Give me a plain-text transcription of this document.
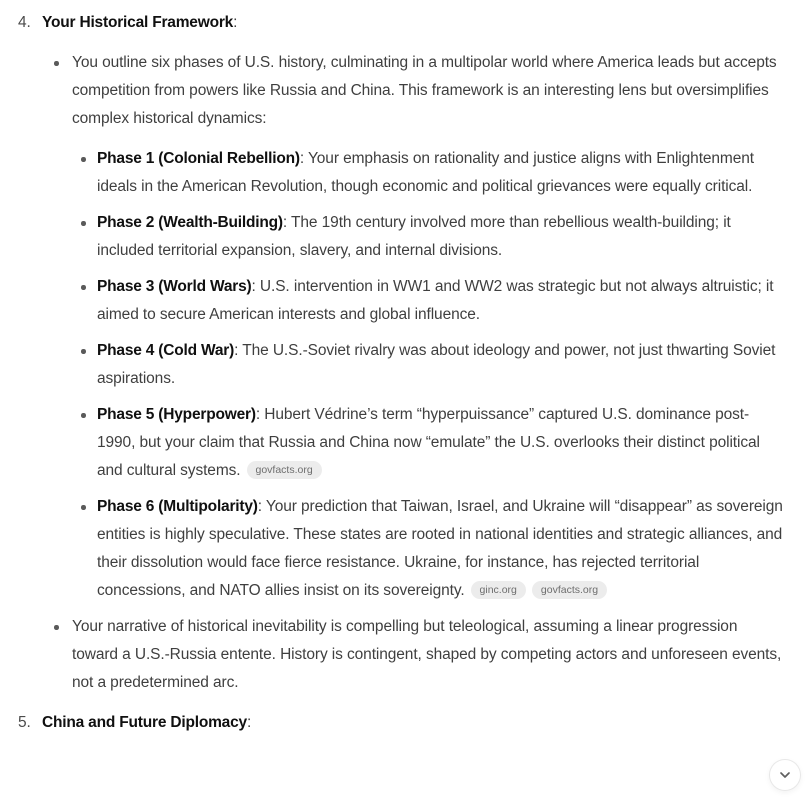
4. Your Historical Framework:
You outline six phases of U.S. history, culminating in a multipolar world where America leads but accepts competition from powers like Russia and China. This framework is an interesting lens but oversimplifies complex historical dynamics:
Phase 1 (Colonial Rebellion): Your emphasis on rationality and justice aligns with Enlightenment ideals in the American Revolution, though economic and political grievances were equally critical.
Phase 2 (Wealth-Building): The 19th century involved more than rebellious wealth-building; it included territorial expansion, slavery, and internal divisions.
Phase 3 (World Wars): U.S. intervention in WW1 and WW2 was strategic but not always altruistic; it aimed to secure American interests and global influence.
Phase 4 (Cold War): The U.S.-Soviet rivalry was about ideology and power, not just thwarting Soviet aspirations.
Phase 5 (Hyperpower): Hubert Védrine’s term “hyperpuissance” captured U.S. dominance post-1990, but your claim that Russia and China now “emulate” the U.S. overlooks their distinct political and cultural systems. govfacts.org
Phase 6 (Multipolarity): Your prediction that Taiwan, Israel, and Ukraine will “disappear” as sovereign entities is highly speculative. These states are rooted in national identities and strategic alliances, and their dissolution would face fierce resistance. Ukraine, for instance, has rejected territorial concessions, and NATO allies insist on its sovereignty. ginc.org govfacts.org
Your narrative of historical inevitability is compelling but teleological, assuming a linear progression toward a U.S.-Russia entente. History is contingent, shaped by competing actors and unforeseen events, not a predetermined arc.
5. China and Future Diplomacy:
